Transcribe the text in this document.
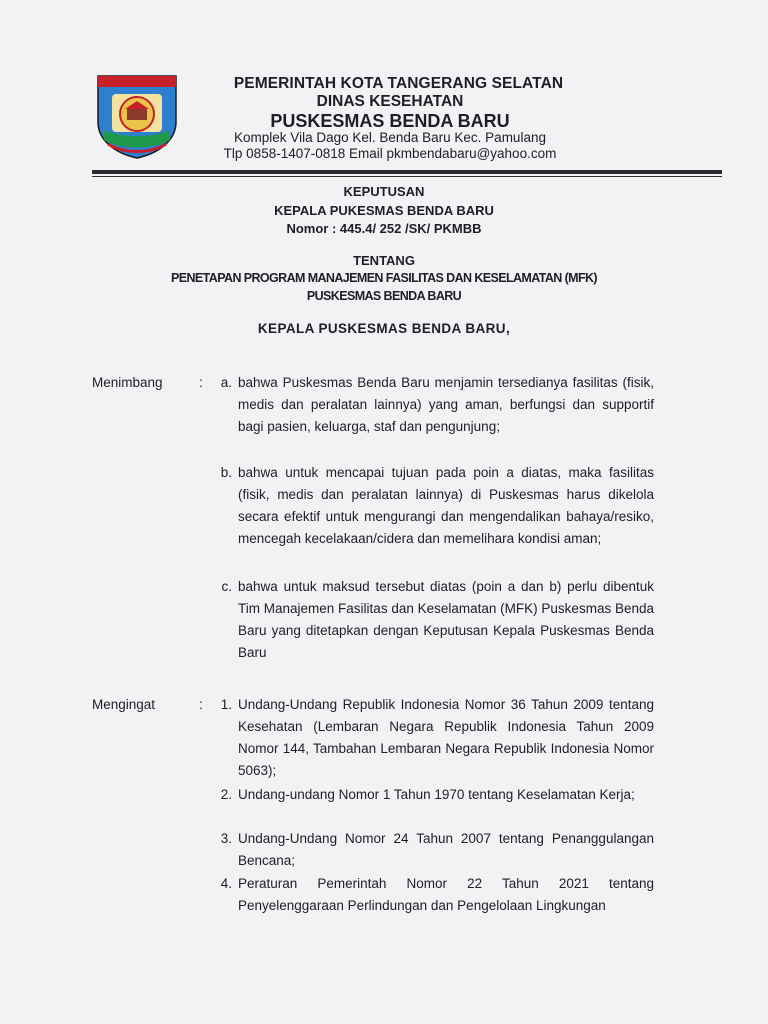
PEMERINTAH KOTA TANGERANG SELATAN
DINAS KESEHATAN
PUSKESMAS BENDA BARU
Komplek Vila Dago Kel. Benda Baru Kec. Pamulang
Tlp 0858-1407-0818 Email pkmbendabaru@yahoo.com
KEPUTUSAN
KEPALA PUKESMAS BENDA BARU
Nomor : 445.4/ 252 /SK/ PKMBB
TENTANG
PENETAPAN PROGRAM MANAJEMEN FASILITAS DAN KESELAMATAN (MFK)
PUSKESMAS BENDA BARU
KEPALA PUSKESMAS BENDA BARU,
Menimbang	:	a. bahwa Puskesmas Benda Baru menjamin tersedianya fasilitas (fisik, medis dan peralatan lainnya) yang aman, berfungsi dan supportif bagi pasien, keluarga, staf dan pengunjung;

b. bahwa untuk mencapai tujuan pada poin a diatas, maka fasilitas (fisik, medis dan peralatan lainnya) di Puskesmas harus dikelola secara efektif untuk mengurangi dan mengendalikan bahaya/resiko, mencegah kecelakaan/cidera dan memelihara kondisi aman;

c. bahwa untuk maksud tersebut diatas (poin a dan b) perlu dibentuk Tim Manajemen Fasilitas dan Keselamatan (MFK) Puskesmas Benda Baru yang ditetapkan dengan Keputusan Kepala Puskesmas Benda Baru

Mengingat	:	1. Undang-Undang Republik Indonesia Nomor 36 Tahun 2009 tentang Kesehatan (Lembaran Negara Republik Indonesia Tahun 2009 Nomor 144, Tambahan Lembaran Negara Republik Indonesia Nomor 5063);

2. Undang-undang Nomor 1 Tahun 1970 tentang Keselamatan Kerja;

3. Undang-Undang Nomor 24 Tahun 2007 tentang Penanggulangan Bencana;

4. Peraturan Pemerintah Nomor 22 Tahun 2021 tentang Penyelenggaraan Perlindungan dan Pengelolaan Lingkungan
